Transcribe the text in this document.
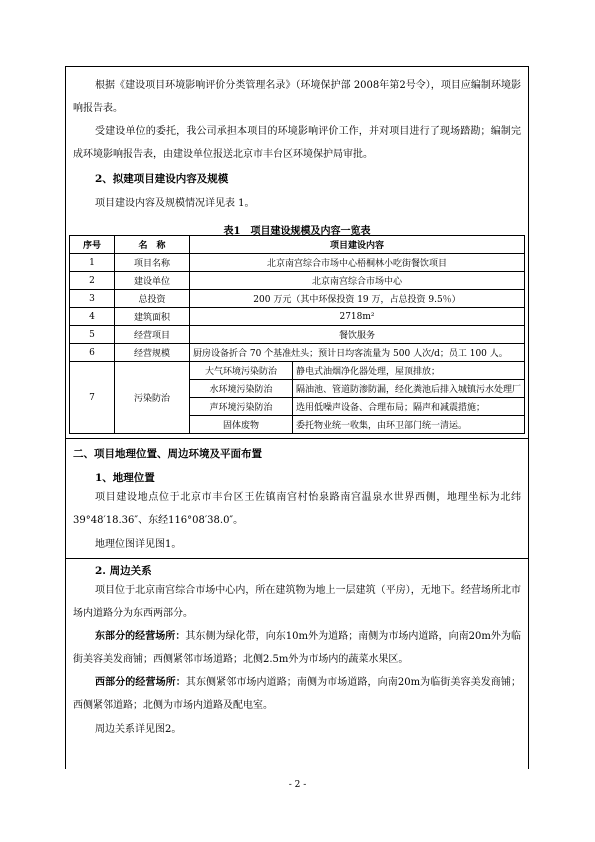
根据《建设项目环境影响评价分类管理名录》（环境保护部 2008年第2号令），项目应编制环境影响报告表。
受建设单位的委托，我公司承担本项目的环境影响评价工作，并对项目进行了现场踏勘；编制完成环境影响报告表，由建设单位报送北京市丰台区环境保护局审批。
2、拟建项目建设内容及规模
项目建设内容及规模情况详见表 1。
表1　项目建设规模及内容一览表
序号	名　称	项目建设内容	
1	项目名称	北京南宫综合市场中心梧桐林小吃街餐饮项目	
2	建设单位	北京南宫综合市场中心	
3	总投资	200 万元（其中环保投资 19 万，占总投资 9.5％）	
4	建筑面积	2718m²	
5	经营项目	餐饮服务	
6	经营规模	厨房设备折合 70 个基准灶头；预计日均客流量为 500 人次/d；员工 100 人。	
7	污染防治	大气环境污染防治	静电式油烟净化器处理，屋顶排放；
		水环境污染防治	隔油池、管道防渗防漏，经化粪池后排入城镇污水处理厂
		声环境污染防治	选用低噪声设备、合理布局；隔声和减震措施；
		固体废物	委托物业统一收集，由环卫部门统一清运。
二、项目地理位置、周边环境及平面布置
1、地理位置
项目建设地点位于北京市丰台区王佐镇南宫村怡泉路南宫温泉水世界西侧，地理坐标为北纬39°48′18.36″、东经116°08′38.0″。
地理位图详见图1。
2. 周边关系
项目位于北京南宫综合市场中心内，所在建筑物为地上一层建筑（平房），无地下。经营场所北市场内道路分为东西两部分。
东部分的经营场所：其东侧为绿化带，向东10m外为道路；南侧为市场内道路，向南20m外为临街美容美发商铺；西侧紧邻市场道路；北侧2.5m外为市场内的蔬菜水果区。
西部分的经营场所：其东侧紧邻市场内道路；南侧为市场道路，向南20m为临街美容美发商铺；西侧紧邻道路；北侧为市场内道路及配电室。
周边关系详见图2。
- 2 -
